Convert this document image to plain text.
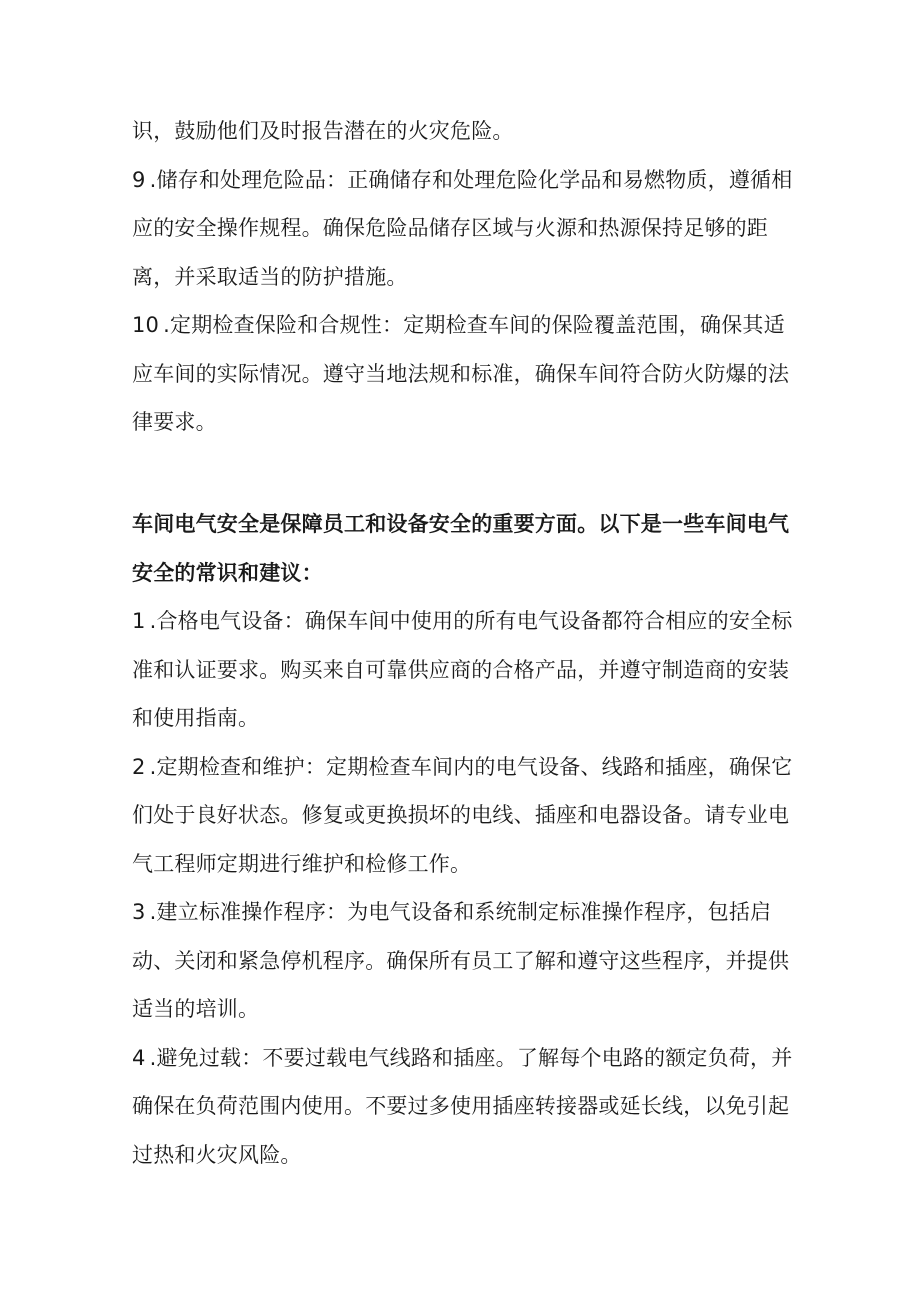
识，鼓励他们及时报告潜在的火灾危险。

9 .储存和处理危险品：正确储存和处理危险化学品和易燃物质，遵循相应的安全操作规程。确保危险品储存区域与火源和热源保持足够的距离，并采取适当的防护措施。

10 .定期检查保险和合规性：定期检查车间的保险覆盖范围，确保其适应车间的实际情况。遵守当地法规和标准，确保车间符合防火防爆的法律要求。

车间电气安全是保障员工和设备安全的重要方面。以下是一些车间电气安全的常识和建议：

1 .合格电气设备：确保车间中使用的所有电气设备都符合相应的安全标准和认证要求。购买来自可靠供应商的合格产品，并遵守制造商的安装和使用指南。

2 .定期检查和维护：定期检查车间内的电气设备、线路和插座，确保它们处于良好状态。修复或更换损坏的电线、插座和电器设备。请专业电气工程师定期进行维护和检修工作。

3 .建立标准操作程序：为电气设备和系统制定标准操作程序，包括启动、关闭和紧急停机程序。确保所有员工了解和遵守这些程序，并提供适当的培训。

4 .避免过载：不要过载电气线路和插座。了解每个电路的额定负荷，并确保在负荷范围内使用。不要过多使用插座转接器或延长线，以免引起过热和火灾风险。
